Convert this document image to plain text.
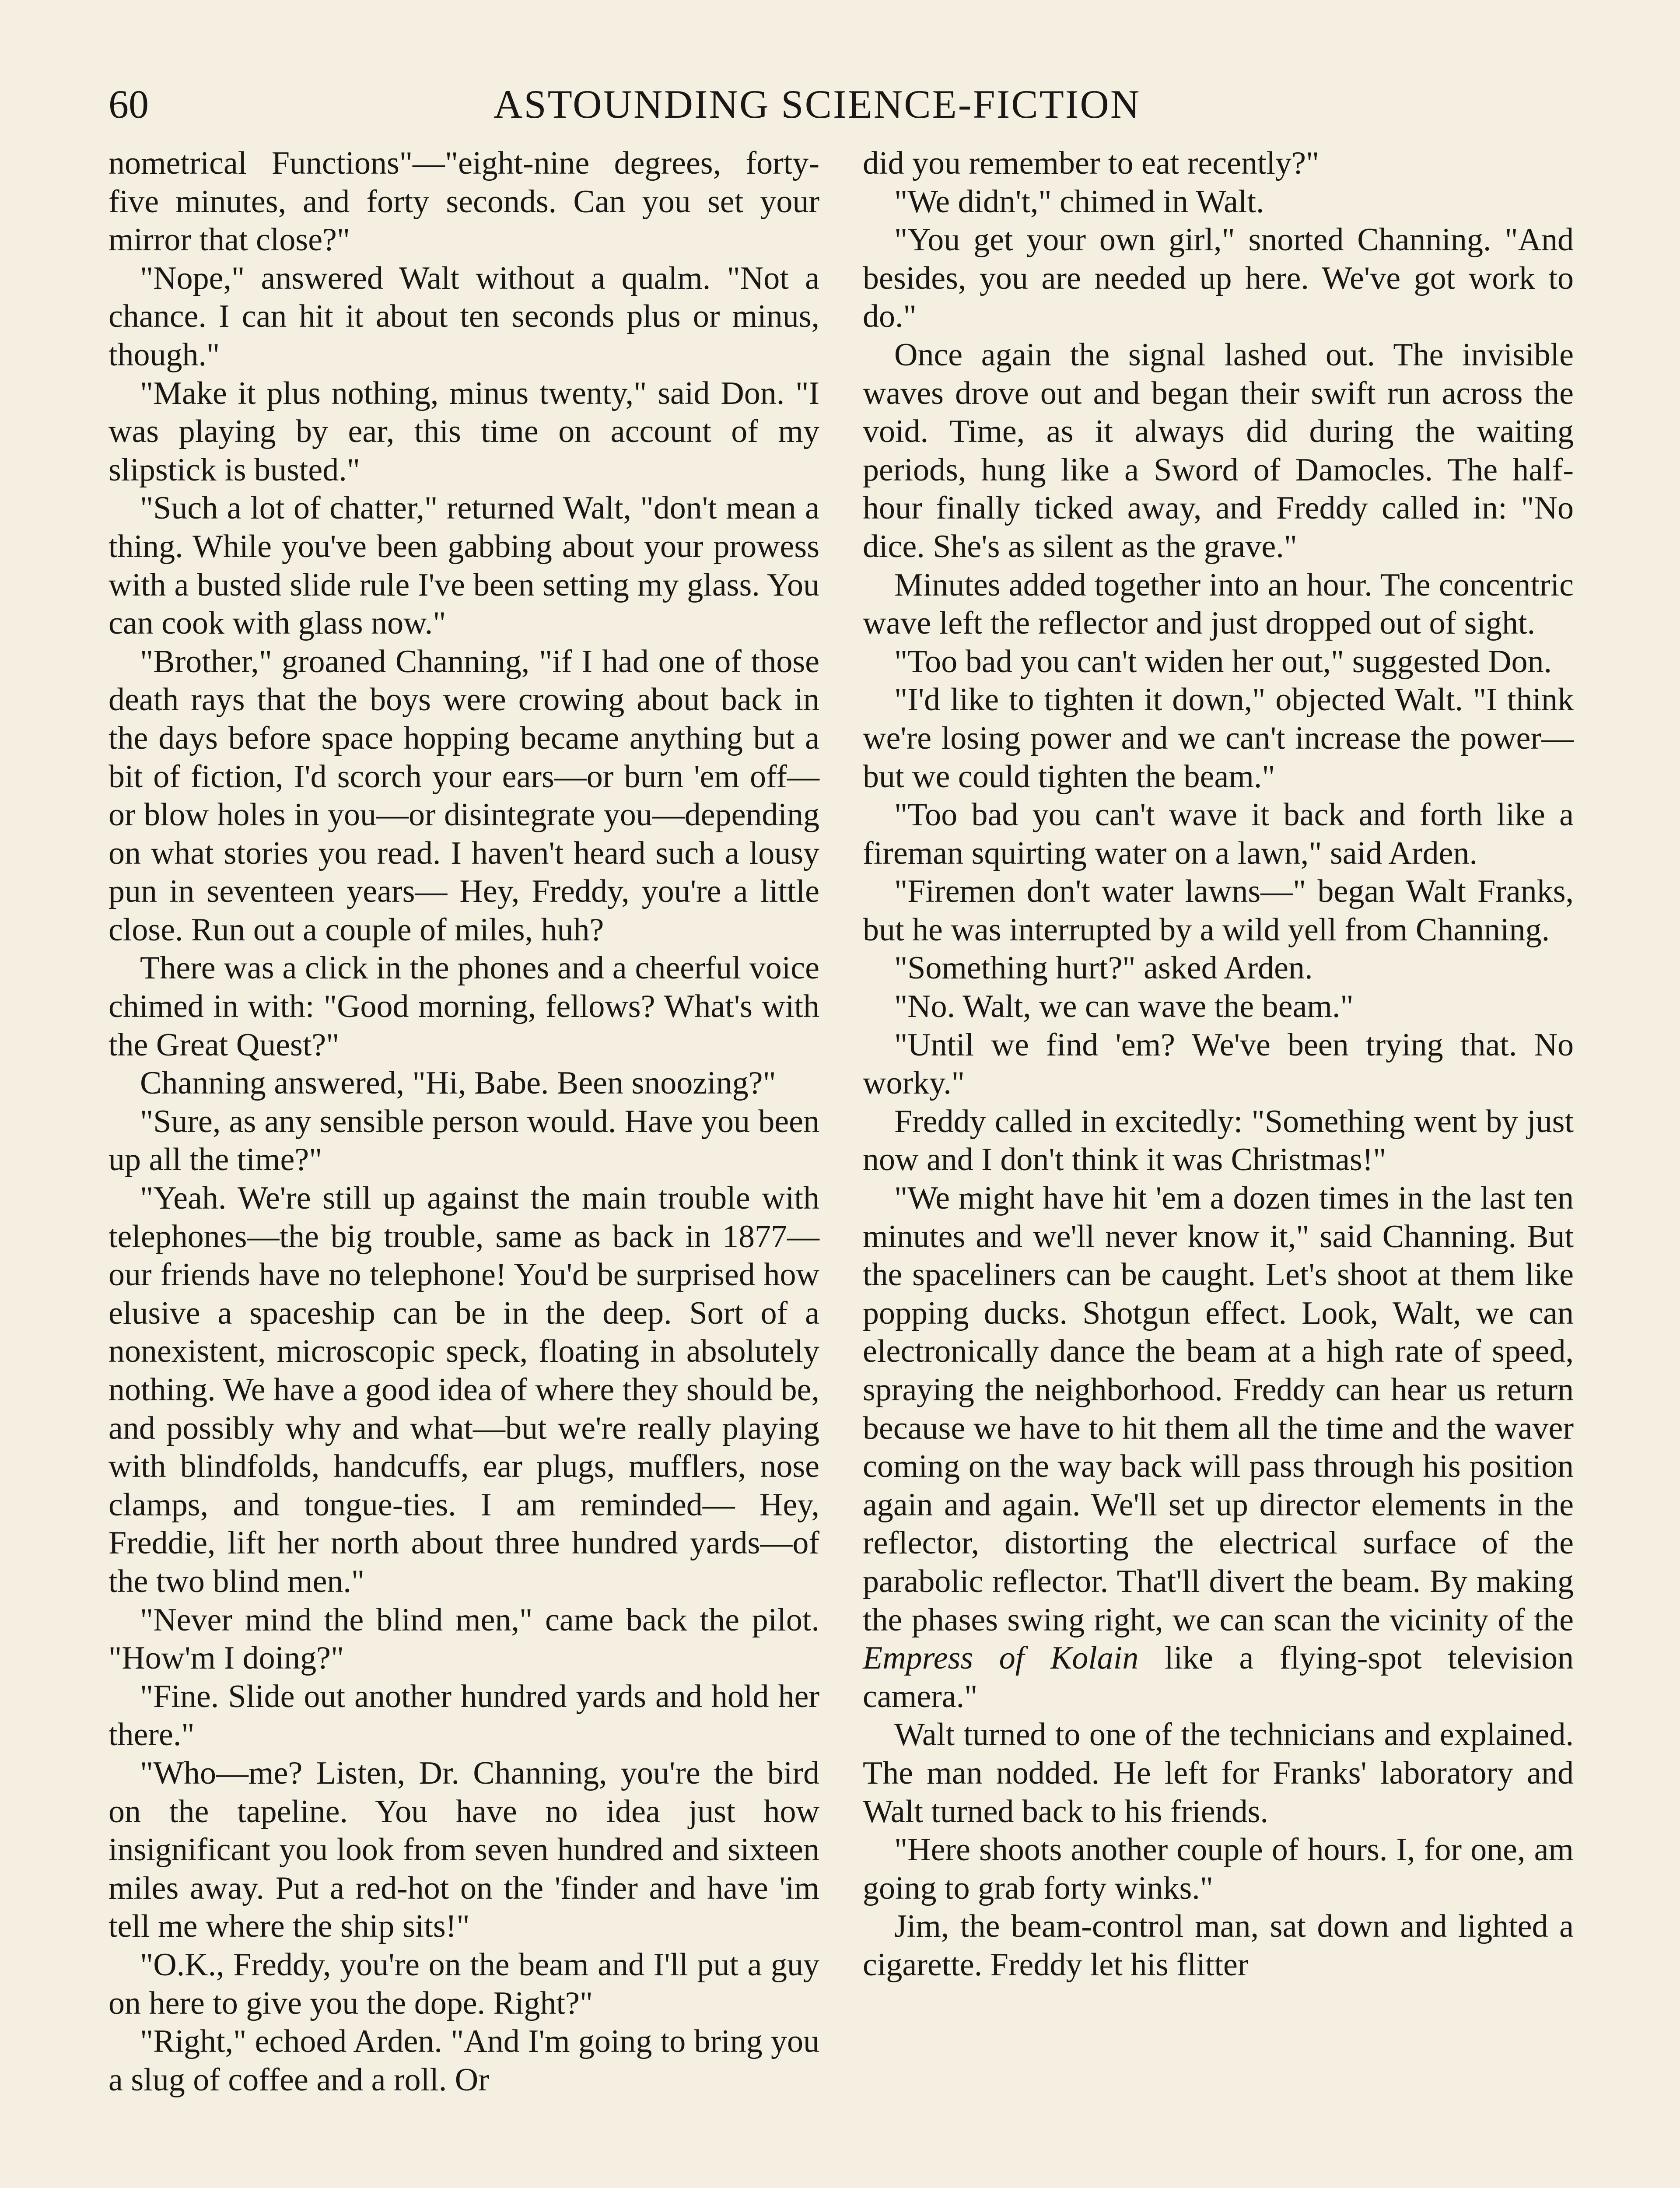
60	ASTOUNDING SCIENCE-FICTION

nometrical Functions"—"eight-nine degrees, forty-five minutes, and forty seconds. Can you set your mirror that close?"

"Nope," answered Walt without a qualm. "Not a chance. I can hit it about ten seconds plus or minus, though."

"Make it plus nothing, minus twenty," said Don. "I was playing by ear, this time on account of my slipstick is busted."

"Such a lot of chatter," returned Walt, "don't mean a thing. While you've been gabbing about your prowess with a busted slide rule I've been setting my glass. You can cook with glass now."

"Brother," groaned Channing, "if I had one of those death rays that the boys were crowing about back in the days before space hopping became anything but a bit of fiction, I'd scorch your ears—or burn 'em off—or blow holes in you—or disintegrate you—depending on what stories you read. I haven't heard such a lousy pun in seventeen years— Hey, Freddy, you're a little close. Run out a couple of miles, huh?

There was a click in the phones and a cheerful voice chimed in with: "Good morning, fellows? What's with the Great Quest?"

Channing answered, "Hi, Babe. Been snoozing?"

"Sure, as any sensible person would. Have you been up all the time?"

"Yeah. We're still up against the main trouble with telephones—the big trouble, same as back in 1877—our friends have no telephone! You'd be surprised how elusive a spaceship can be in the deep. Sort of a nonexistent, microscopic speck, floating in absolutely nothing. We have a good idea of where they should be, and possibly why and what—but we're really playing with blindfolds, handcuffs, ear plugs, mufflers, nose clamps, and tongue-ties. I am reminded— Hey, Freddie, lift her north about three hundred yards—of the two blind men."

"Never mind the blind men," came back the pilot. "How'm I doing?"

"Fine. Slide out another hundred yards and hold her there."

"Who—me? Listen, Dr. Channing, you're the bird on the tapeline. You have no idea just how insignificant you look from seven hundred and sixteen miles away. Put a red-hot on the 'finder and have 'im tell me where the ship sits!"

"O.K., Freddy, you're on the beam and I'll put a guy on here to give you the dope. Right?"

"Right," echoed Arden. "And I'm going to bring you a slug of coffee and a roll. Or

did you remember to eat recently?"

"We didn't," chimed in Walt.

"You get your own girl," snorted Channing. "And besides, you are needed up here. We've got work to do."

Once again the signal lashed out. The invisible waves drove out and began their swift run across the void. Time, as it always did during the waiting periods, hung like a Sword of Damocles. The half-hour finally ticked away, and Freddy called in: "No dice. She's as silent as the grave."

Minutes added together into an hour. The concentric wave left the reflector and just dropped out of sight.

"Too bad you can't widen her out," suggested Don.

"I'd like to tighten it down," objected Walt. "I think we're losing power and we can't increase the power—but we could tighten the beam."

"Too bad you can't wave it back and forth like a fireman squirting water on a lawn," said Arden.

"Firemen don't water lawns—" began Walt Franks, but he was interrupted by a wild yell from Channing.

"Something hurt?" asked Arden.

"No. Walt, we can wave the beam."

"Until we find 'em? We've been trying that. No worky."

Freddy called in excitedly: "Something went by just now and I don't think it was Christmas!"

"We might have hit 'em a dozen times in the last ten minutes and we'll never know it," said Channing. But the spaceliners can be caught. Let's shoot at them like popping ducks. Shotgun effect. Look, Walt, we can electronically dance the beam at a high rate of speed, spraying the neighborhood. Freddy can hear us return because we have to hit them all the time and the waver coming on the way back will pass through his position again and again. We'll set up director elements in the reflector, distorting the electrical surface of the parabolic reflector. That'll divert the beam. By making the phases swing right, we can scan the vicinity of the Empress of Kolain like a flying-spot television camera."

Walt turned to one of the technicians and explained. The man nodded. He left for Franks' laboratory and Walt turned back to his friends.

"Here shoots another couple of hours. I, for one, am going to grab forty winks."

Jim, the beam-control man, sat down and lighted a cigarette. Freddy let his flitter
